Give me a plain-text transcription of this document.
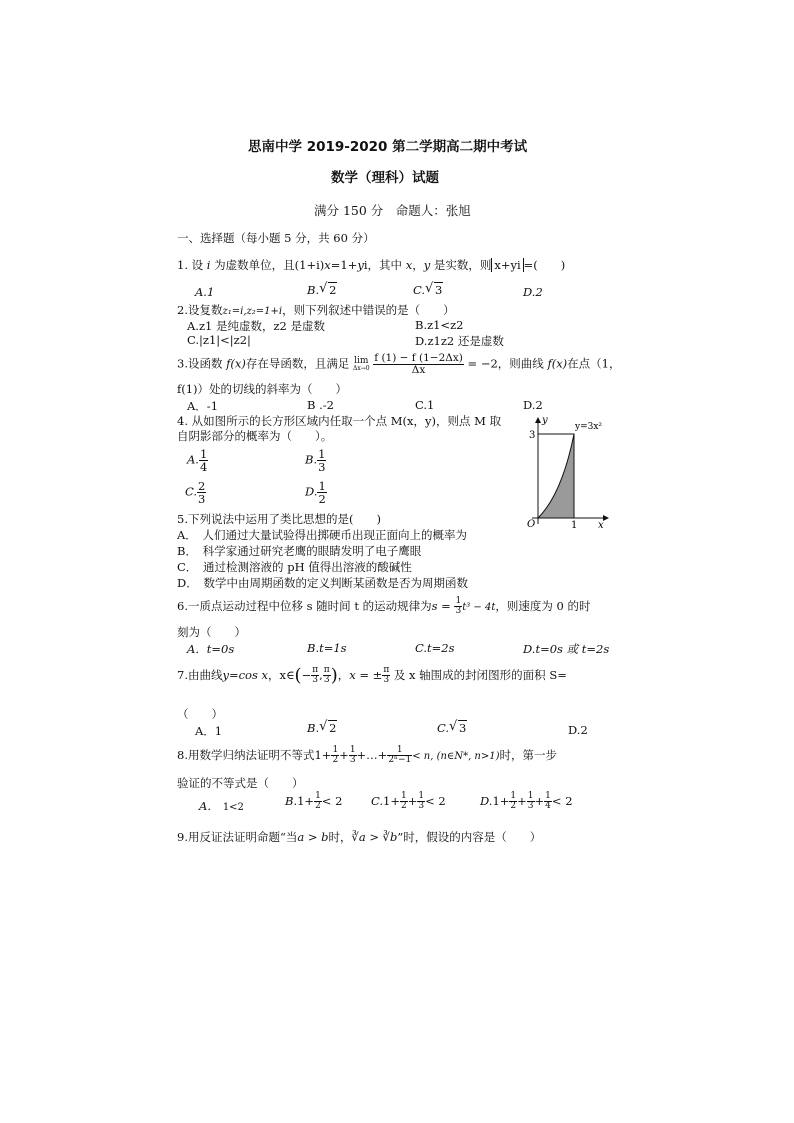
思南中学 2019-2020 第二学期高二期中考试
数学（理科）试题
满分 150 分　命题人：张旭
一、选择题（每小题 5 分，共 60 分）
1. 设 i 为虚数单位，且(1+i)x=1+yi，其中 x，y 是实数，则 x+yi =(　　)
A.1	B. √ 2	C. √ 3	D.2
2.设复数z₁=i,z₂=1+i，则下列叙述中错误的是（　　）
A.z1 是纯虚数，z2 是虚数	B.z1<z2
C.|z1|<|z2|	D.z1z2 还是虚数
3.设函数 f(x)存在导函数，且满足 lim
Δx→0
$\frac{f (1) - f (1-2\Delta x)}{\Delta x} = -2$，则曲线 f(x)在点（1，
f(1)）处的切线的斜率为（　　）
A．-1	B .-2	C.1	D.2
4. 从如图所示的长方形区域内任取一个点 M(x，y)，则点 M 取
自阴影部分的概率为（　　）。
A. $\frac{1}{4}$	B. $\frac{1}{3}$
C. $\frac{2}{3}$	D. $\frac{1}{2}$
y=3x²
3
1
O	x
y
5.下列说法中运用了类比思想的是(　　)
A．　人们通过大量试验得出掷硬币出现正面向上的概率为
B．　科学家通过研究老鹰的眼睛发明了电子鹰眼
C．　通过检测溶液的 pH 值得出溶液的酸碱性
D．　数学中由周期函数的定义判断某函数是否为周期函数
6.一质点运动过程中位移 s 随时间 t 的运动规律为$s = \frac{1}{3} t^3 - 4t$，则速度为 0 的时
刻为（　　）
A．t=0s	B.t=1s	C.t=2s	D.t=0s 或 t=2s
7.由曲线y=cos x，x∈(− $\frac{\pi}{3}$ , $\frac{\pi}{3}$ )，x = ± $\frac{\pi}{3}$ 及 x 轴围成的封闭图形的面积 S=
（　　）
A．1	B. √ 2	C. √ 3	D.2
8.用数学归纳法证明不等式$1+ \frac{1}{2} + \frac{1}{3}$ +…+ $\frac{1}{\text{2ⁿ−1}} < n$, (n∈N*, n>1)时，第一步
验证的不等式是（　　）
A． 1<2	$B.1+ \frac{1}{2} < 2$ $C.1+ \frac{1}{2} + \frac{1}{3} < 2$	$D.1+ \frac{1}{2} + \frac{1}{3} + \frac{1}{4} < 2$
9.用反证法证明命题“当a > b时，∛a > ∛b”时，假设的内容是（　　）
